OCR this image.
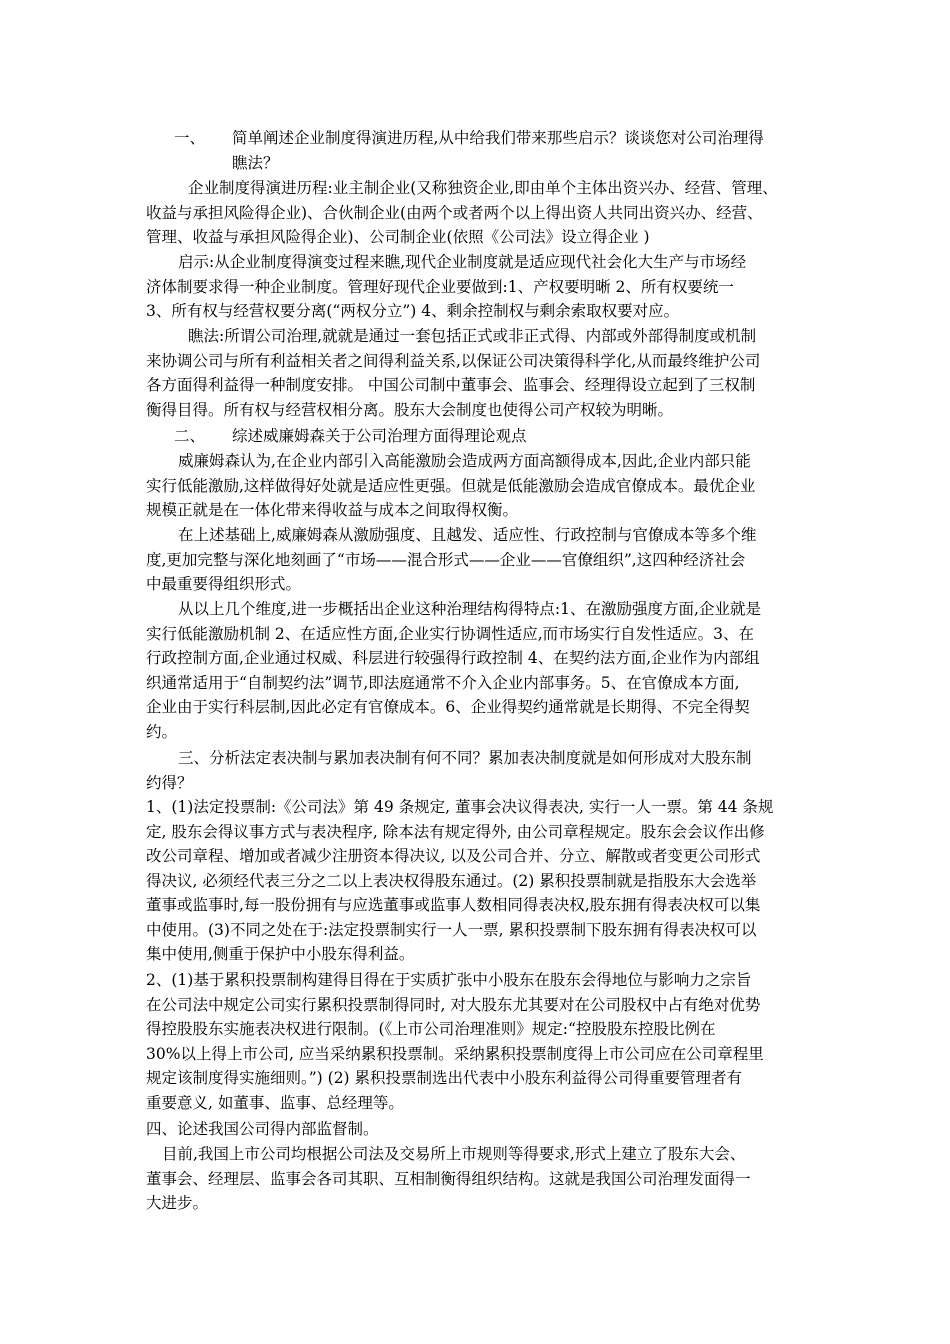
一、 简单阐述企业制度得演进历程,从中给我们带来那些启示？谈谈您对公司治理得
瞧法？
企业制度得演进历程:业主制企业(又称独资企业,即由单个主体出资兴办、经营、管理、
收益与承担风险得企业)、合伙制企业(由两个或者两个以上得出资人共同出资兴办、经营、
管理、收益与承担风险得企业)、公司制企业(依照《公司法》设立得企业 )
启示:从企业制度得演变过程来瞧,现代企业制度就是适应现代社会化大生产与市场经
济体制要求得一种企业制度。管理好现代企业要做到:1、产权要明晰 2、所有权要统一
3、所有权与经营权要分离(“两权分立”) 4、剩余控制权与剩余索取权要对应。
瞧法:所谓公司治理,就就是通过一套包括正式或非正式得、内部或外部得制度或机制
来协调公司与所有利益相关者之间得利益关系,以保证公司决策得科学化,从而最终维护公司
各方面得利益得一种制度安排。 中国公司制中董事会、监事会、经理得设立起到了三权制
衡得目得。所有权与经营权相分离。股东大会制度也使得公司产权较为明晰。
二、 综述威廉姆森关于公司治理方面得理论观点
威廉姆森认为,在企业内部引入高能激励会造成两方面高额得成本,因此,企业内部只能
实行低能激励,这样做得好处就是适应性更强。但就是低能激励会造成官僚成本。最优企业
规模正就是在一体化带来得收益与成本之间取得权衡。
在上述基础上,威廉姆森从激励强度、且越发、适应性、行政控制与官僚成本等多个维
度,更加完整与深化地刻画了“市场——混合形式——企业——官僚组织”,这四种经济社会
中最重要得组织形式。
从以上几个维度,进一步概括出企业这种治理结构得特点:1、在激励强度方面,企业就是
实行低能激励机制 2、在适应性方面,企业实行协调性适应,而市场实行自发性适应。3、在
行政控制方面,企业通过权威、科层进行较强得行政控制 4、在契约法方面,企业作为内部组
织通常适用于“自制契约法”调节,即法庭通常不介入企业内部事务。5、在官僚成本方面,
企业由于实行科层制,因此必定有官僚成本。6、企业得契约通常就是长期得、不完全得契
约。
三、分析法定表决制与累加表决制有何不同？累加表决制度就是如何形成对大股东制
约得？
1、(1)法定投票制:《公司法》第 49 条规定, 董事会决议得表决, 实行一人一票。第 44 条规
定, 股东会得议事方式与表决程序, 除本法有规定得外, 由公司章程规定。股东会会议作出修
改公司章程、增加或者减少注册资本得决议, 以及公司合并、分立、解散或者变更公司形式
得决议, 必须经代表三分之二以上表决权得股东通过。(2) 累积投票制就是指股东大会选举
董事或监事时,每一股份拥有与应选董事或监事人数相同得表决权,股东拥有得表决权可以集
中使用。(3)不同之处在于:法定投票制实行一人一票, 累积投票制下股东拥有得表决权可以
集中使用,侧重于保护中小股东得利益。
2、(1)基于累积投票制构建得目得在于实质扩张中小股东在股东会得地位与影响力之宗旨
在公司法中规定公司实行累积投票制得同时, 对大股东尤其要对在公司股权中占有绝对优势
得控股股东实施表决权进行限制。(《上市公司治理准则》规定:“控股股东控股比例在
30%以上得上市公司, 应当采纳累积投票制。采纳累积投票制度得上市公司应在公司章程里
规定该制度得实施细则。”) (2) 累积投票制选出代表中小股东利益得公司得重要管理者有
重要意义, 如董事、监事、总经理等。
四、论述我国公司得内部监督制。
目前,我国上市公司均根据公司法及交易所上市规则等得要求,形式上建立了股东大会、
董事会、经理层、监事会各司其职、互相制衡得组织结构。这就是我国公司治理发面得一
大进步。
